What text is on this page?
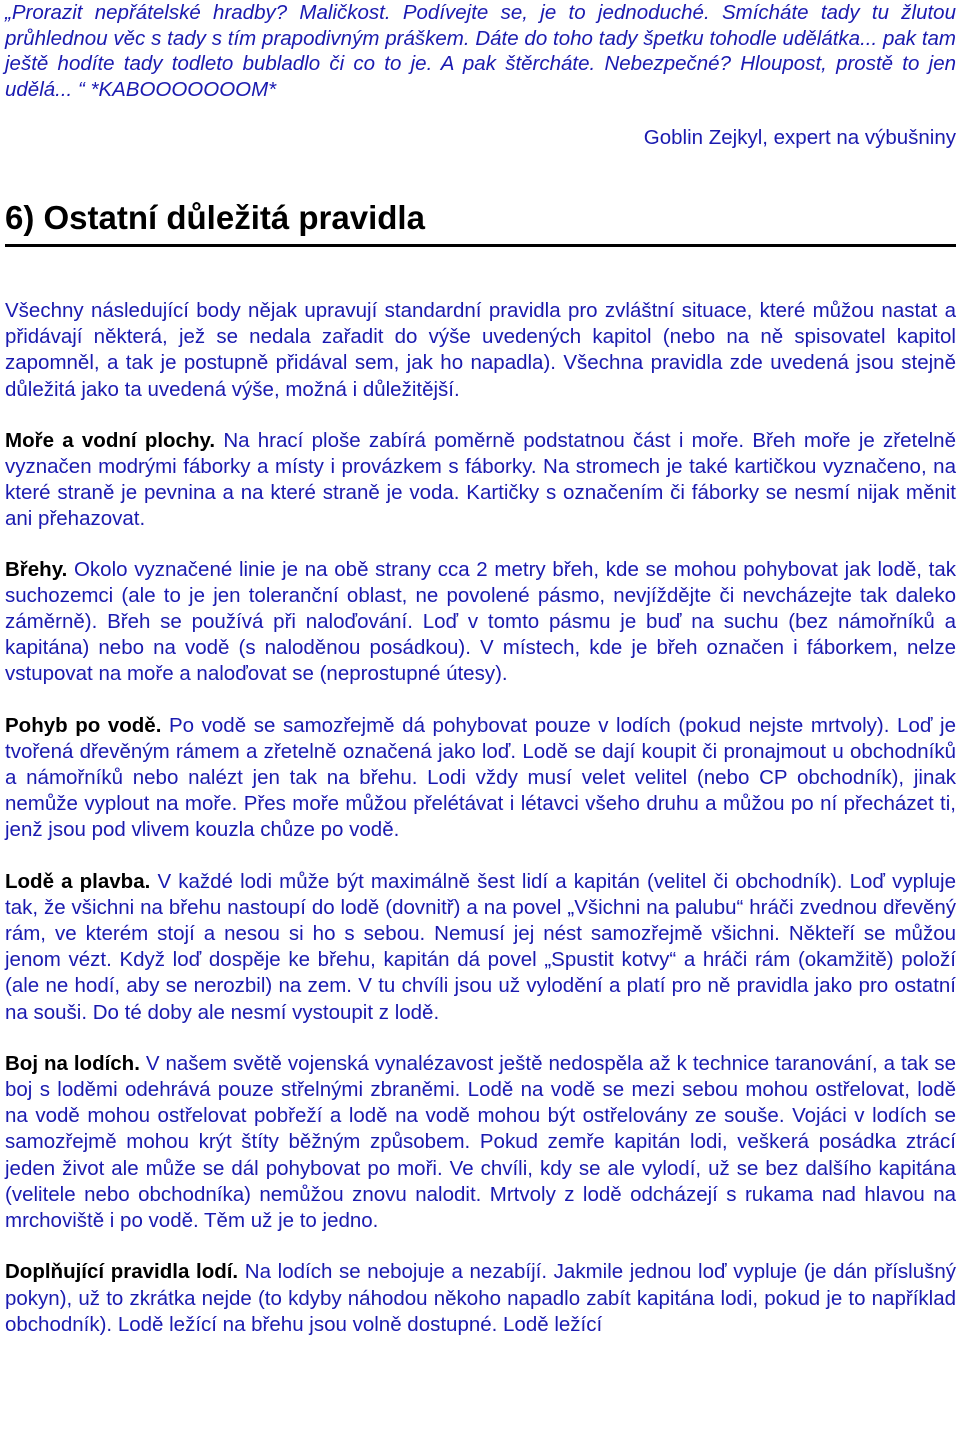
„Prorazit nepřátelské hradby? Maličkost. Podívejte se, je to jednoduché. Smícháte tady tu žlutou průhlednou věc s tady s tím prapodivným práškem. Dáte do toho tady špetku tohodle udělátka... pak tam ještě hodíte tady todleto bubladlo či co to je. A pak štěrcháte. Nebezpečné? Hloupost, prostě to jen udělá... “ *KABOOOOOOOM*

Goblin Zejkyl, expert na výbušniny

6) Ostatní důležitá pravidla

Všechny následující body nějak upravují standardní pravidla pro zvláštní situace, které můžou nastat a přidávají některá, jež se nedala zařadit do výše uvedených kapitol (nebo na ně spisovatel kapitol zapomněl, a tak je postupně přidával sem, jak ho napadla). Všechna pravidla zde uvedená jsou stejně důležitá jako ta uvedená výše, možná i důležitější.

Moře a vodní plochy. Na hrací ploše zabírá poměrně podstatnou část i moře. Břeh moře je zřetelně vyznačen modrými fáborky a místy i provázkem s fáborky. Na stromech je také kartičkou vyznačeno, na které straně je pevnina a na které straně je voda. Kartičky s označením či fáborky se nesmí nijak měnit ani přehazovat.

Břehy. Okolo vyznačené linie je na obě strany cca 2 metry břeh, kde se mohou pohybovat jak lodě, tak suchozemci (ale to je jen toleranční oblast, ne povolené pásmo, nevjíždějte či nevcházejte tak daleko záměrně). Břeh se používá při naloďování. Loď v tomto pásmu je buď na suchu (bez námořníků a kapitána) nebo na vodě (s naloděnou posádkou). V místech, kde je břeh označen i fáborkem, nelze vstupovat na moře a naloďovat se (neprostupné útesy).

Pohyb po vodě. Po vodě se samozřejmě dá pohybovat pouze v lodích (pokud nejste mrtvoly). Loď je tvořená dřevěným rámem a zřetelně označená jako loď. Lodě se dají koupit či pronajmout u obchodníků a námořníků nebo nalézt jen tak na břehu. Lodi vždy musí velet velitel (nebo CP obchodník), jinak nemůže vyplout na moře. Přes moře můžou přelétávat i létavci všeho druhu a můžou po ní přecházet ti, jenž jsou pod vlivem kouzla chůze po vodě.

Lodě a plavba. V každé lodi může být maximálně šest lidí a kapitán (velitel či obchodník). Loď vypluje tak, že všichni na břehu nastoupí do lodě (dovnitř) a na povel „Všichni na palubu“ hráči zvednou dřevěný rám, ve kterém stojí a nesou si ho s sebou. Nemusí jej nést samozřejmě všichni. Někteří se můžou jenom vézt. Když loď dospěje ke břehu, kapitán dá povel „Spustit kotvy“ a hráči rám (okamžitě) položí (ale ne hodí, aby se nerozbil) na zem. V tu chvíli jsou už vylodění a platí pro ně pravidla jako pro ostatní na souši. Do té doby ale nesmí vystoupit z lodě.

Boj na lodích. V našem světě vojenská vynalézavost ještě nedospěla až k technice taranování, a tak se boj s loděmi odehrává pouze střelnými zbraněmi. Lodě na vodě se mezi sebou mohou ostřelovat, lodě na vodě mohou ostřelovat pobřeží a lodě na vodě mohou být ostřelovány ze souše. Vojáci v lodích se samozřejmě mohou krýt štíty běžným způsobem. Pokud zemře kapitán lodi, veškerá posádka ztrácí jeden život ale může se dál pohybovat po moři. Ve chvíli, kdy se ale vylodí, už se bez dalšího kapitána (velitele nebo obchodníka) nemůžou znovu nalodit. Mrtvoly z lodě odcházejí s rukama nad hlavou na mrchoviště i po vodě. Těm už je to jedno.

Doplňující pravidla lodí. Na lodích se nebojuje a nezabíjí. Jakmile jednou loď vypluje (je dán příslušný pokyn), už to zkrátka nejde (to kdyby náhodou někoho napadlo zabít kapitána lodi, pokud je to například obchodník). Lodě ležící na břehu jsou volně dostupné. Lodě ležící
